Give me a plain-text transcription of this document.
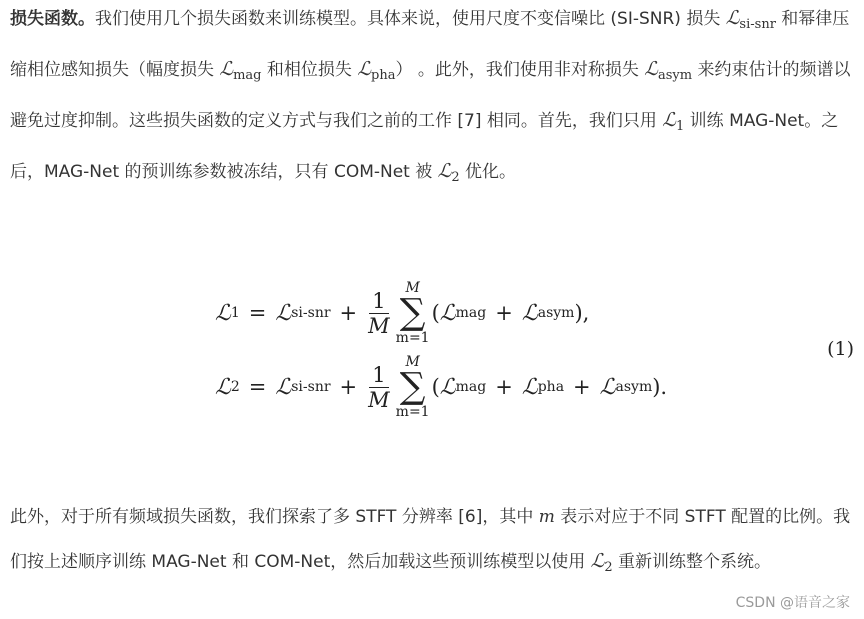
损失函数。我们使用几个损失函数来训练模型。具体来说，使用尺度不变信噪比 (SI-SNR) 损失 ℒ$_{si-snr}$ 和幂律压缩相位感知损失（幅度损失 ℒ$_{mag}$ 和相位损失 ℒ$_{pha}$） 。此外，我们使用非对称损失 ℒ$_{asym}$ 来约束估计的频谱以避免过度抑制。这些损失函数的定义方式与我们之前的工作 [7] 相同。首先，我们只用 ℒ$_1$ 训练 MAG-Net。之后，MAG-Net 的预训练参数被冻结，只有 COM-Net 被 ℒ$_2$ 优化。

ℒ 1 = ℒ $si-snr + \frac{1}{M}$
M
∑
m=1
( ℒ mag + ℒ asym ),
ℒ 2 = ℒ $si-snr + \frac{1}{M}$
M
∑
m=1
( ℒ mag + ℒ pha + ℒ asym ).
(1)

此外，对于所有频域损失函数，我们探索了多 STFT 分辨率 [6]，其中 m 表示对应于不同 STFT 配置的比例。我们按上述顺序训练 MAG-Net 和 COM-Net，然后加载这些预训练模型以使用 ℒ$_2$ 重新训练整个系统。

CSDN @语音之家
